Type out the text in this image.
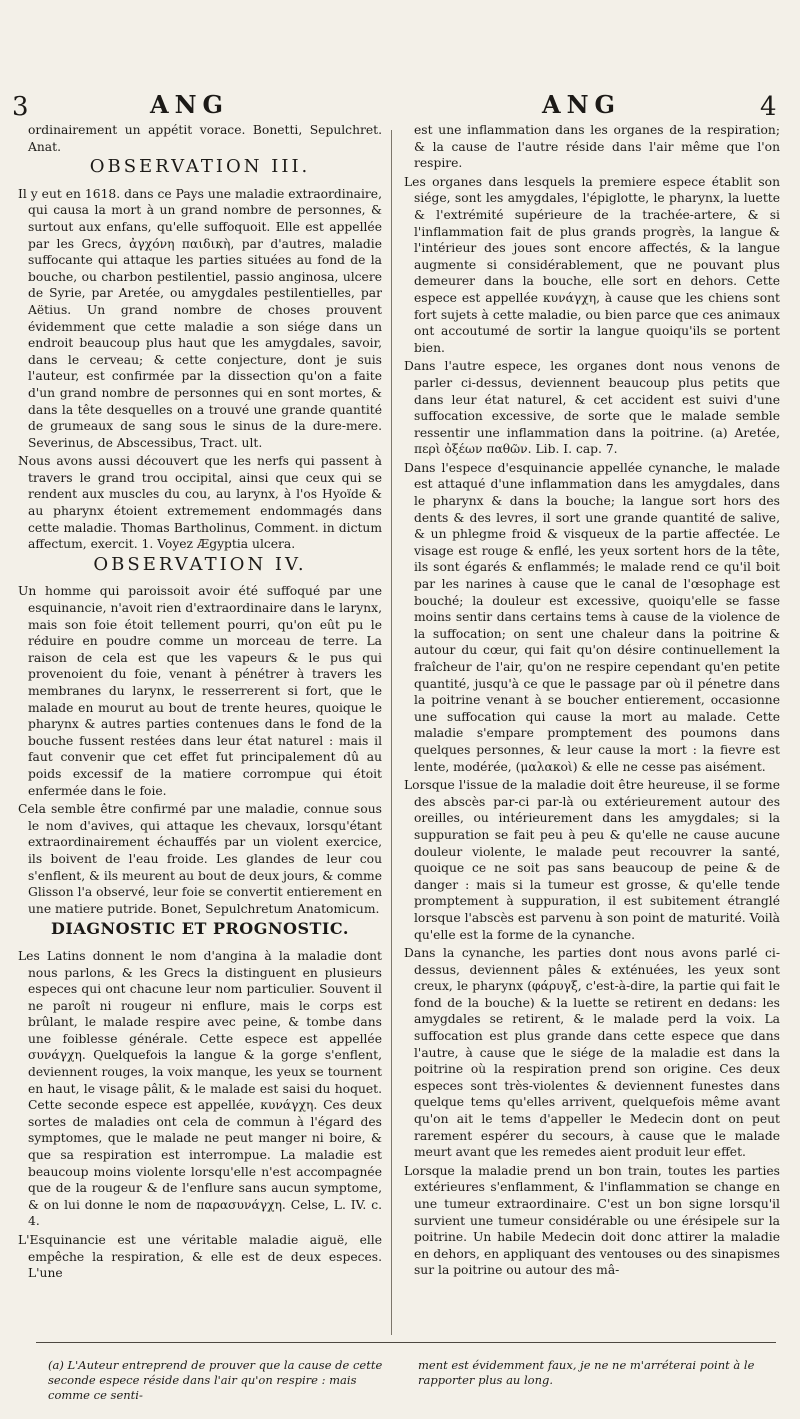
3	ANG	ANG	4

ordinairement un appétit vorace. Bonetti, Sepulchret. Anat.

OBSERVATION III.

Il y eut en 1618. dans ce Pays une maladie extraordinaire, qui causa la mort à un grand nombre de personnes, & surtout aux enfans, qu'elle suffoquoit. Elle est appellée par les Grecs, ἀγχόνη παιδικὴ, par d'autres, maladie suffocante qui attaque les parties situées au fond de la bouche, ou charbon pestilentiel, passio anginosa, ulcere de Syrie, par Aretée, ou amygdales pestilentielles, par Aëtius. Un grand nombre de choses prouvent évidemment que cette maladie a son siége dans un endroit beaucoup plus haut que les amygdales, savoir, dans le cerveau; & cette conjecture, dont je suis l'auteur, est confirmée par la dissection qu'on a faite d'un grand nombre de personnes qui en sont mortes, & dans la tête desquelles on a trouvé une grande quantité de grumeaux de sang sous le sinus de la dure-mere. Severinus, de Abscessibus, Tract. ult.

Nous avons aussi découvert que les nerfs qui passent à travers le grand trou occipital, ainsi que ceux qui se rendent aux muscles du cou, au larynx, à l'os Hyoïde & au pharynx étoient extremement endommagés dans cette maladie. Thomas Bartholinus, Comment. in dictum affectum, exercit. 1. Voyez Ægyptia ulcera.

OBSERVATION IV.

Un homme qui paroissoit avoir été suffoqué par une esquinancie, n'avoit rien d'extraordinaire dans le larynx, mais son foie étoit tellement pourri, qu'on eût pu le réduire en poudre comme un morceau de terre. La raison de cela est que les vapeurs & le pus qui provenoient du foie, venant à pénétrer à travers les membranes du larynx, le resserrerent si fort, que le malade en mourut au bout de trente heures, quoique le pharynx & autres parties contenues dans le fond de la bouche fussent restées dans leur état naturel : mais il faut convenir que cet effet fut principalement dû au poids excessif de la matiere corrompue qui étoit enfermée dans le foie.

Cela semble être confirmé par une maladie, connue sous le nom d'avives, qui attaque les chevaux, lorsqu'étant extraordinairement échauffés par un violent exercice, ils boivent de l'eau froide. Les glandes de leur cou s'enflent, & ils meurent au bout de deux jours, & comme Glisson l'a observé, leur foie se convertit entierement en une matiere putride. Bonet, Sepulchretum Anatomicum.

DIAGNOSTIC ET PROGNOSTIC.

Les Latins donnent le nom d'angina à la maladie dont nous parlons, & les Grecs la distinguent en plusieurs especes qui ont chacune leur nom particulier. Souvent il ne paroît ni rougeur ni enflure, mais le corps est brûlant, le malade respire avec peine, & tombe dans une foiblesse générale. Cette espece est appellée συνάγχη. Quelquefois la langue & la gorge s'enflent, deviennent rouges, la voix manque, les yeux se tournent en haut, le visage pâlit, & le malade est saisi du hoquet. Cette seconde espece est appellée, κυνάγχη. Ces deux sortes de maladies ont cela de commun à l'égard des symptomes, que le malade ne peut manger ni boire, & que sa respiration est interrompue. La maladie est beaucoup moins violente lorsqu'elle n'est accompagnée que de la rougeur & de l'enflure sans aucun symptome, & on lui donne le nom de παρασυνάγχη. Celse, L. IV. c. 4.

L'Esquinancie est une véritable maladie aiguë, elle empêche la respiration, & elle est de deux especes. L'une

est une inflammation dans les organes de la respiration; & la cause de l'autre réside dans l'air même que l'on respire.

Les organes dans lesquels la premiere espece établit son siége, sont les amygdales, l'épiglotte, le pharynx, la luette & l'extrémité supérieure de la trachée-artere, & si l'inflammation fait de plus grands progrès, la langue & l'intérieur des joues sont encore affectés, & la langue augmente si considérablement, que ne pouvant plus demeurer dans la bouche, elle sort en dehors. Cette espece est appellée κυνάγχη, à cause que les chiens sont fort sujets à cette maladie, ou bien parce que ces animaux ont accoutumé de sortir la langue quoiqu'ils se portent bien.

Dans l'autre espece, les organes dont nous venons de parler ci-dessus, deviennent beaucoup plus petits que dans leur état naturel, & cet accident est suivi d'une suffocation excessive, de sorte que le malade semble ressentir une inflammation dans la poitrine. (a) Aretée, περὶ ὀξέων παθῶν. Lib. I. cap. 7.

Dans l'espece d'esquinancie appellée cynanche, le malade est attaqué d'une inflammation dans les amygdales, dans le pharynx & dans la bouche; la langue sort hors des dents & des levres, il sort une grande quantité de salive, & un phlegme froid & visqueux de la partie affectée. Le visage est rouge & enflé, les yeux sortent hors de la tête, ils sont égarés & enflammés; le malade rend ce qu'il boit par les narines à cause que le canal de l'œsophage est bouché; la douleur est excessive, quoiqu'elle se fasse moins sentir dans certains tems à cause de la violence de la suffocation; on sent une chaleur dans la poitrine & autour du cœur, qui fait qu'on désire continuellement la fraîcheur de l'air, qu'on ne respire cependant qu'en petite quantité, jusqu'à ce que le passage par où il pénetre dans la poitrine venant à se boucher entierement, occasionne une suffocation qui cause la mort au malade. Cette maladie s'empare promptement des poumons dans quelques personnes, & leur cause la mort : la fievre est lente, modérée, (μαλακοὶ) & elle ne cesse pas aisément.

Lorsque l'issue de la maladie doit être heureuse, il se forme des abscès par-ci par-là ou extérieurement autour des oreilles, ou intérieurement dans les amygdales; si la suppuration se fait peu à peu & qu'elle ne cause aucune douleur violente, le malade peut recouvrer la santé, quoique ce ne soit pas sans beaucoup de peine & de danger : mais si la tumeur est grosse, & qu'elle tende promptement à suppuration, il est subitement étranglé lorsque l'abscès est parvenu à son point de maturité. Voilà qu'elle est la forme de la cynanche.

Dans la cynanche, les parties dont nous avons parlé ci-dessus, deviennent pâles & exténuées, les yeux sont creux, le pharynx (φάρυγξ, c'est-à-dire, la partie qui fait le fond de la bouche) & la luette se retirent en dedans: les amygdales se retirent, & le malade perd la voix. La suffocation est plus grande dans cette espece que dans l'autre, à cause que le siége de la maladie est dans la poitrine où la respiration prend son origine. Ces deux especes sont très-violentes & deviennent funestes dans quelque tems qu'elles arrivent, quelquefois même avant qu'on ait le tems d'appeller le Medecin dont on peut rarement espérer du secours, à cause que le malade meurt avant que les remedes aient produit leur effet.

Lorsque la maladie prend un bon train, toutes les parties extérieures s'enflamment, & l'inflammation se change en une tumeur extraordinaire. C'est un bon signe lorsqu'il survient une tumeur considérable ou une érésipele sur la poitrine. Un habile Medecin doit donc attirer la maladie en dehors, en appliquant des ventouses ou des sinapismes sur la poitrine ou autour des mâ-

(a) L'Auteur entreprend de prouver que la cause de cette seconde espece réside dans l'air qu'on respire : mais comme ce senti-
ment est évidemment faux, je ne ne m'arréterai point à le rapporter plus au long.
